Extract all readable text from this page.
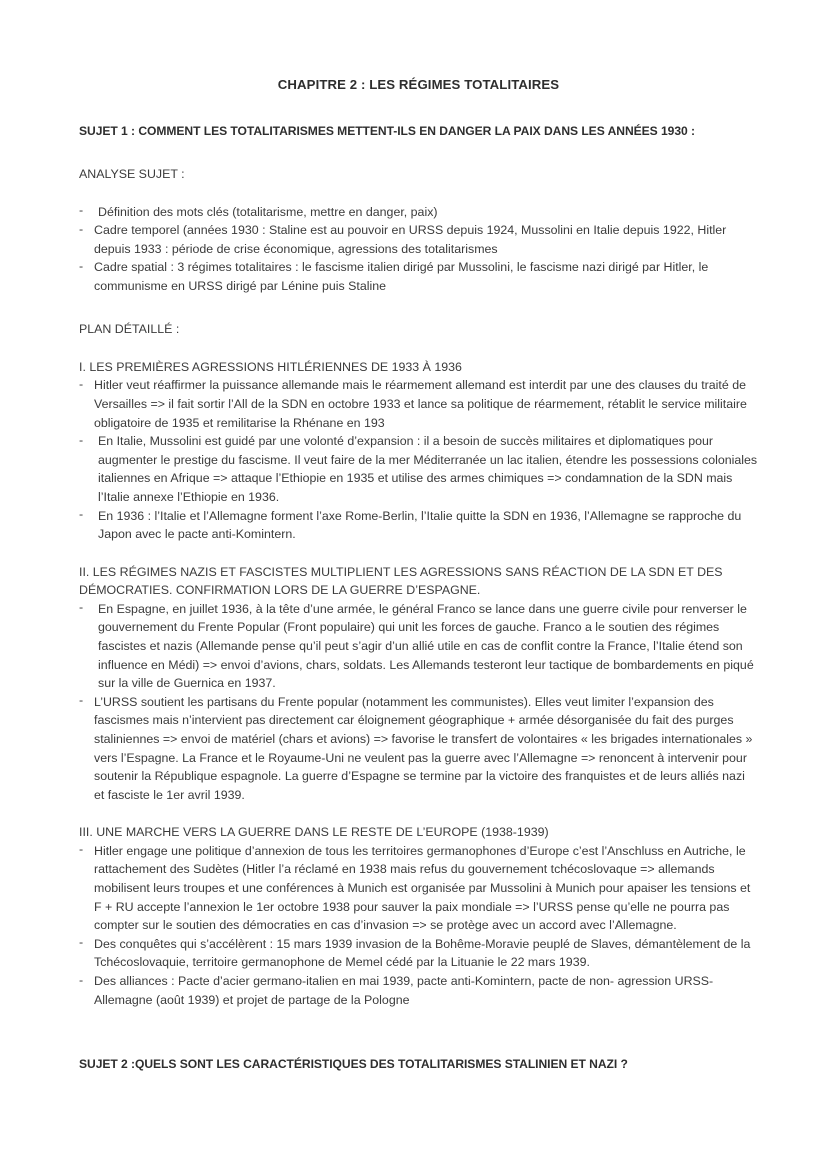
CHAPITRE 2 : LES RÉGIMES TOTALITAIRES
SUJET 1 : COMMENT LES TOTALITARISMES METTENT-ILS EN DANGER LA PAIX DANS LES ANNÉES 1930 :

ANALYSE SUJET :

- Définition des mots clés (totalitarisme, mettre en danger, paix)
- Cadre temporel (années 1930 : Staline est au pouvoir en URSS depuis 1924, Mussolini en Italie depuis 1922, Hitler depuis 1933 : période de crise économique, agressions des totalitarismes
- Cadre spatial : 3 régimes totalitaires : le fascisme italien dirigé par Mussolini, le fascisme nazi dirigé par Hitler, le communisme en URSS dirigé par Lénine puis Staline

PLAN DÉTAILLÉ :

I. LES PREMIÈRES AGRESSIONS HITLÉRIENNES DE 1933 À 1936

- Hitler veut réaffirmer la puissance allemande mais le réarmement allemand est interdit par une des clauses du traité de Versailles => il fait sortir l’All de la SDN en octobre 1933 et lance sa politique de réarmement, rétablit le service militaire obligatoire de 1935 et remilitarise la Rhénane en 193
- En Italie, Mussolini est guidé par une volonté d’expansion : il a besoin de succès militaires et diplomatiques pour augmenter le prestige du fascisme. Il veut faire de la mer Méditerranée un lac italien, étendre les possessions coloniales italiennes en Afrique => attaque l’Ethiopie en 1935 et utilise des armes chimiques => condamnation de la SDN mais l’Italie annexe l’Ethiopie en 1936.
- En 1936 : l’Italie et l’Allemagne forment l’axe Rome-Berlin, l’Italie quitte la SDN en 1936, l’Allemagne se rapproche du Japon avec le pacte anti-Komintern.

II. LES RÉGIMES NAZIS ET FASCISTES MULTIPLIENT LES AGRESSIONS SANS RÉACTION DE LA SDN ET DES DÉMOCRATIES. CONFIRMATION LORS DE LA GUERRE D’ESPAGNE.

- En Espagne, en juillet 1936, à la tête d’une armée, le général Franco se lance dans une guerre civile pour renverser le gouvernement du Frente Popular (Front populaire) qui unit les forces de gauche. Franco a le soutien des régimes fascistes et nazis (Allemande pense qu’il peut s’agir d’un allié utile en cas de conflit contre la France, l’Italie étend son influence en Médi) => envoi d’avions, chars, soldats. Les Allemands testeront leur tactique de bombardements en piqué sur la ville de Guernica en 1937.
- L’URSS soutient les partisans du Frente popular (notamment les communistes). Elles veut limiter l’expansion des fascismes mais n’intervient pas directement car éloignement géographique + armée désorganisée du fait des purges staliniennes => envoi de matériel (chars et avions) => favorise le transfert de volontaires « les brigades internationales » vers l’Espagne. La France et le Royaume-Uni ne veulent pas la guerre avec l’Allemagne => renoncent à intervenir pour soutenir la République espagnole. La guerre d’Espagne se termine par la victoire des franquistes et de leurs alliés nazi et fasciste le 1er avril 1939.

III. UNE MARCHE VERS LA GUERRE DANS LE RESTE DE L’EUROPE (1938-1939)

- Hitler engage une politique d’annexion de tous les territoires germanophones d’Europe c’est l’Anschluss en Autriche, le rattachement des Sudètes (Hitler l’a réclamé en 1938 mais refus du gouvernement tchécoslovaque => allemands mobilisent leurs troupes et une conférences à Munich est organisée par Mussolini à Munich pour apaiser les tensions et F + RU accepte l’annexion le 1er octobre 1938 pour sauver la paix mondiale => l’URSS pense qu’elle ne pourra pas compter sur le soutien des démocraties en cas d’invasion => se protège avec un accord avec l’Allemagne.
- Des conquêtes qui s’accélèrent : 15 mars 1939 invasion de la Bohême-Moravie peuplé de Slaves, démantèlement de la Tchécoslovaquie, territoire germanophone de Memel cédé par la Lituanie le 22 mars 1939.
- Des alliances : Pacte d’acier germano-italien en mai 1939, pacte anti-Komintern, pacte de non- agression URSS-Allemagne (août 1939) et projet de partage de la Pologne
SUJET 2 :QUELS SONT LES CARACTÉRISTIQUES DES TOTALITARISMES STALINIEN ET NAZI ?
